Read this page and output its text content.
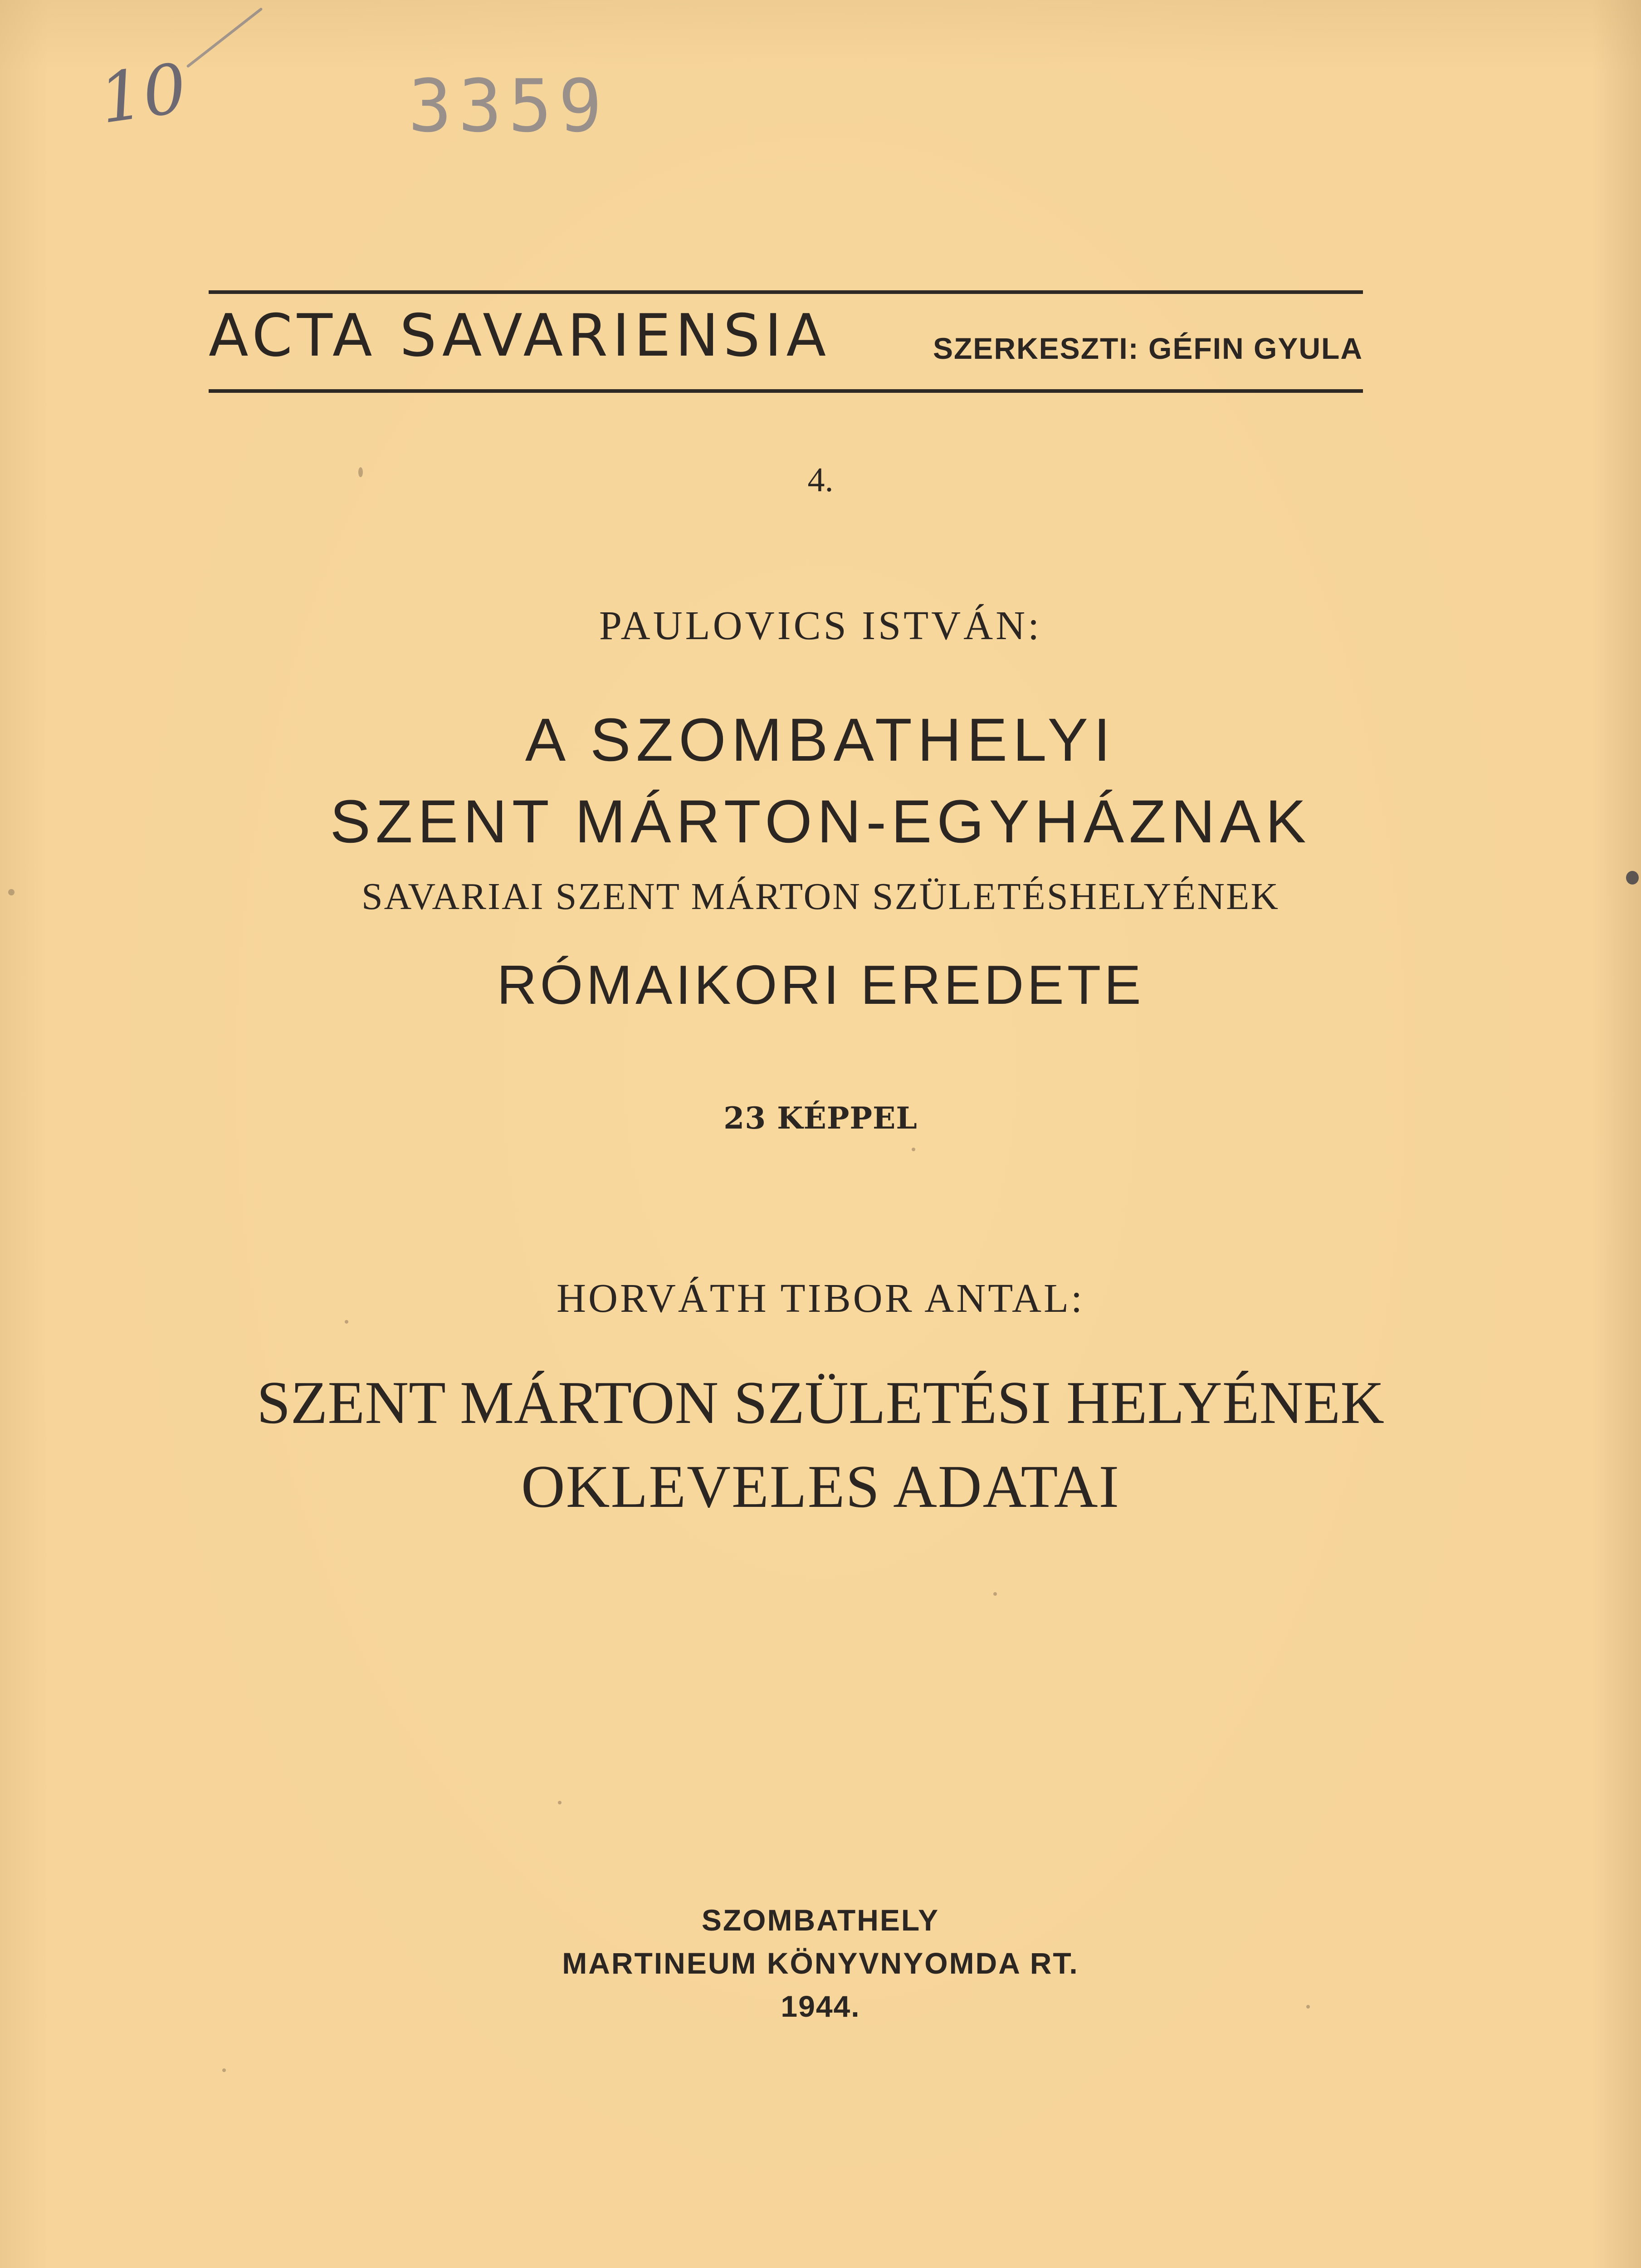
10	3359
ACTA SAVARIENSIA	SZERKESZTI: GÉFIN GYULA
4.
PAULOVICS ISTVÁN:
A SZOMBATHELYI
SZENT MÁRTON-EGYHÁZNAK
SAVARIAI SZENT MÁRTON SZÜLETÉSHELYÉNEK
RÓMAIKORI EREDETE
23 KÉPPEL
HORVÁTH TIBOR ANTAL:
SZENT MÁRTON SZÜLETÉSI HELYÉNEK
OKLEVELES ADATAI
SZOMBATHELY
MARTINEUM KÖNYVNYOMDA RT.
1944.
